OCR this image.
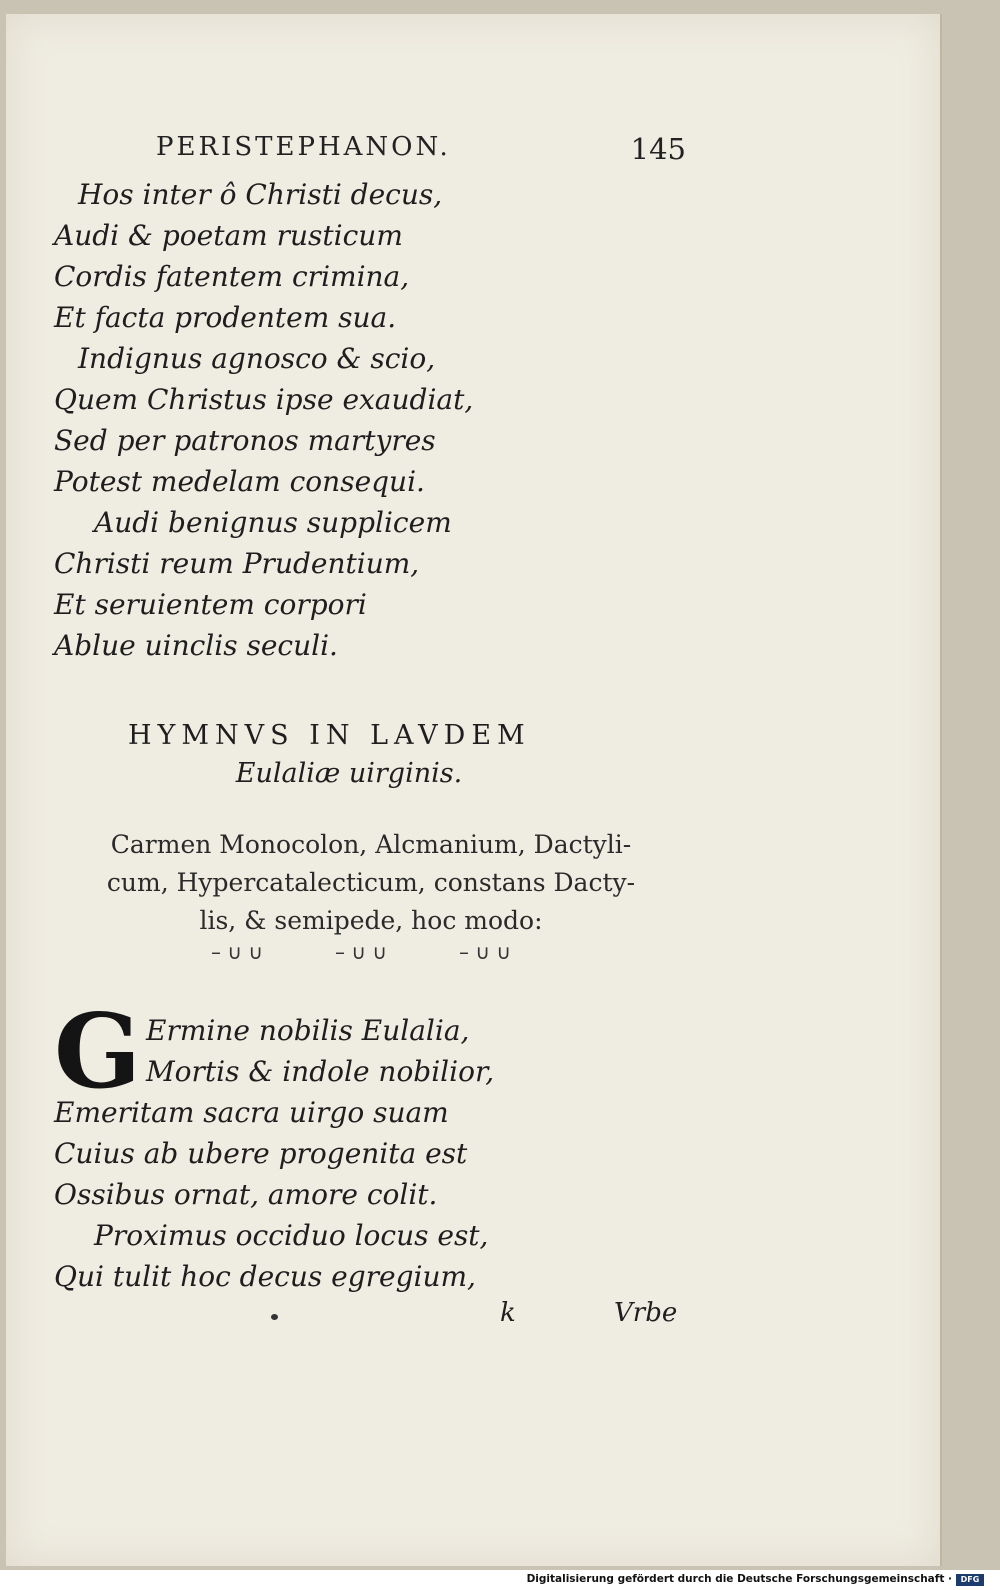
PERISTEPHANON.	145
Hos inter ô Christi decus,
Audi & poetam rusticum
Cordis fatentem crimina,
Et facta prodentem sua.
Indignus agnosco & scio,
Quem Christus ipse exaudiat,
Sed per patronos martyres
Potest medelam consequi.
Audi benignus supplicem
Christi reum Prudentium,
Et seruientem corpori
Ablue uinclis seculi.
HYMNVS IN LAVDEM
Eulaliæ uirginis.
Carmen Monocolon, Alcmanium, Dactyli-
cum, Hypercatalecticum, constans Dacty-
lis, & semipede, hoc modo:
– ∪ ∪	– ∪ ∪	– ∪ ∪
G Ermine nobilis Eulalia,
Mortis & indole nobilior,
Emeritam sacra uirgo suam
Cuius ab ubere progenita est
Ossibus ornat, amore colit.
Proximus occiduo locus est,
Qui tulit hoc decus egregium,
k	Vrbe
Digitalisierung gefördert durch die Deutsche Forschungsgemeinschaft ·	DFG
